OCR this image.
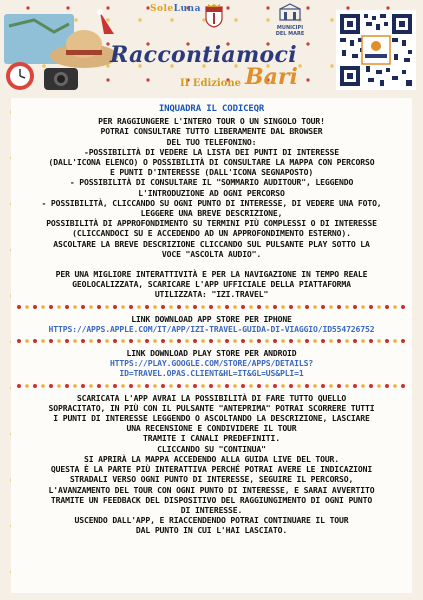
SoleLuna
MUNICIPI DEL MARE
Raccontiamoci
II Edizione Bari

INQUADRA IL CODICEQR

PER RAGGIUNGERE L'INTERO TOUR O UN SINGOLO TOUR!

POTRAI CONSULTARE TUTTO LIBERAMENTE DAL BROWSER

DEL TUO TELEFONINO:

-POSSIBILITÀ DI VEDERE LA LISTA DEI PUNTI DI INTERESSE

(DALL'ICONA ELENCO) O POSSIBILITÀ DI CONSULTARE LA MAPPA CON PERCORSO

E PUNTI D'INTERESSE (DALL'ICONA SEGNAPOSTO)

- POSSIBILITÀ DI CONSULTARE IL "SOMMARIO AUDITOUR", LEGGENDO

L'INTRODUZIONE AD OGNI PERCORSO

- POSSIBILITÀ, CLICCANDO SU OGNI PUNTO DI INTERESSE, DI VEDERE UNA FOTO,

LEGGERE UNA BREVE DESCRIZIONE,

POSSIBILITÀ DI APPROFONDIMENTO SU TERMINI PIÙ COMPLESSI O DI INTERESSE

(CLICCANDOCI SU E ACCEDENDO AD UN APPROFONDIMENTO ESTERNO).

ASCOLTARE LA BREVE DESCRIZIONE CLICCANDO SUL PULSANTE PLAY SOTTO LA

VOCE "ASCOLTA AUDIO".

PER UNA MIGLIORE INTERATTIVITÀ E PER LA NAVIGAZIONE IN TEMPO REALE

GEOLOCALIZZATA, SCARICARE L'APP UFFICIALE DELLA PIATTAFORMA

UTILIZZATA: "IZI.TRAVEL"

LINK DOWNLOAD APP STORE PER IPHONE

HTTPS://APPS.APPLE.COM/IT/APP/IZI-TRAVEL-GUIDA-DI-VIAGGIO/ID554726752

LINK DOWNLOAD PLAY STORE PER ANDROID

HTTPS://PLAY.GOOGLE.COM/STORE/APPS/DETAILS?

ID=TRAVEL.OPAS.CLIENT&HL=IT&GL=US&PLI=1

SCARICATA L'APP AVRAI LA POSSIBILITÀ DI FARE TUTTO QUELLO

SOPRACITATO, IN PIÙ CON IL PULSANTE "ANTEPRIMA" POTRAI SCORRERE TUTTI

I PUNTI DI INTERESSE LEGGENDO O ASCOLTANDO LA DESCRIZIONE, LASCIARE

UNA RECENSIONE E CONDIVIDERE IL TOUR

TRAMITE I CANALI PREDEFINITI.

CLICCANDO SU "CONTINUA"

SI APRIRÀ LA MAPPA ACCEDENDO ALLA GUIDA LIVE DEL TOUR.

QUESTA È LA PARTE PIÙ INTERATTIVA PERCHÉ POTRAI AVERE LE INDICAZIONI

STRADALI VERSO OGNI PUNTO DI INTERESSE, SEGUIRE IL PERCORSO,

L'AVANZAMENTO DEL TOUR CON OGNI PUNTO DI INTERESSE, E SARAI AVVERTITO

TRAMITE UN FEEDBACK DEL DISPOSITIVO DEL RAGGIUNGIMENTO DI OGNI PUNTO

DI INTERESSE.

USCENDO DALL'APP, E RIACCENDENDO POTRAI CONTINUARE IL TOUR

DAL PUNTO IN CUI L'HAI LASCIATO.
